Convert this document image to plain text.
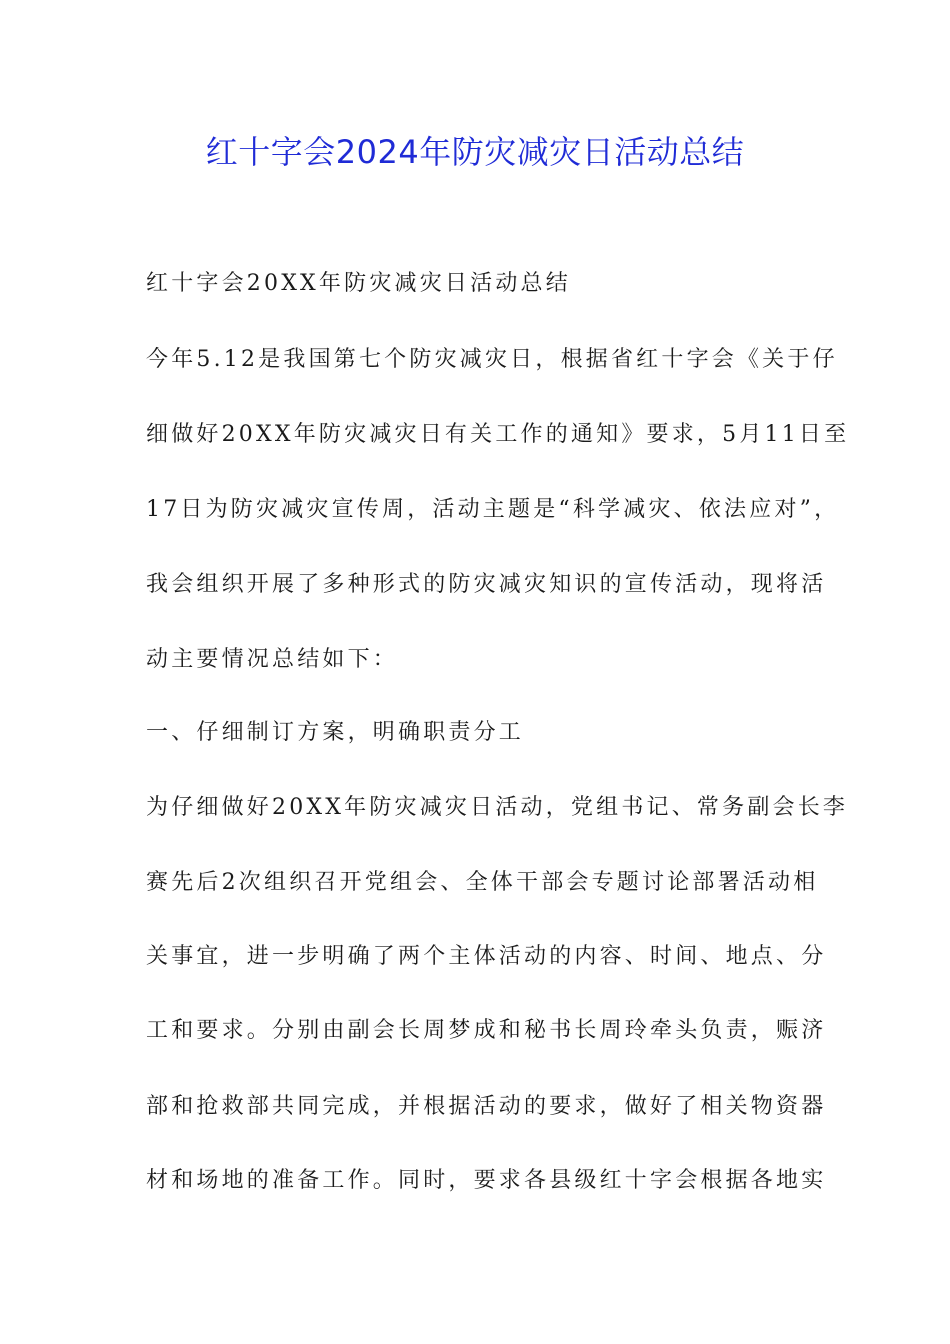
红十字会2024年防灾减灾日活动总结
红十字会20XX年防灾减灾日活动总结
今年5.12是我国第七个防灾减灾日，根据省红十字会《关于仔
细做好20XX年防灾减灾日有关工作的通知》要求，5月11日至
17日为防灾减灾宣传周，活动主题是“科学减灾、依法应对”，
我会组织开展了多种形式的防灾减灾知识的宣传活动，现将活
动主要情况总结如下：
一、仔细制订方案，明确职责分工
为仔细做好20XX年防灾减灾日活动，党组书记、常务副会长李
赛先后2次组织召开党组会、全体干部会专题讨论部署活动相
关事宜，进一步明确了两个主体活动的内容、时间、地点、分
工和要求。分别由副会长周梦成和秘书长周玲牵头负责，赈济
部和抢救部共同完成，并根据活动的要求，做好了相关物资器
材和场地的准备工作。同时，要求各县级红十字会根据各地实
